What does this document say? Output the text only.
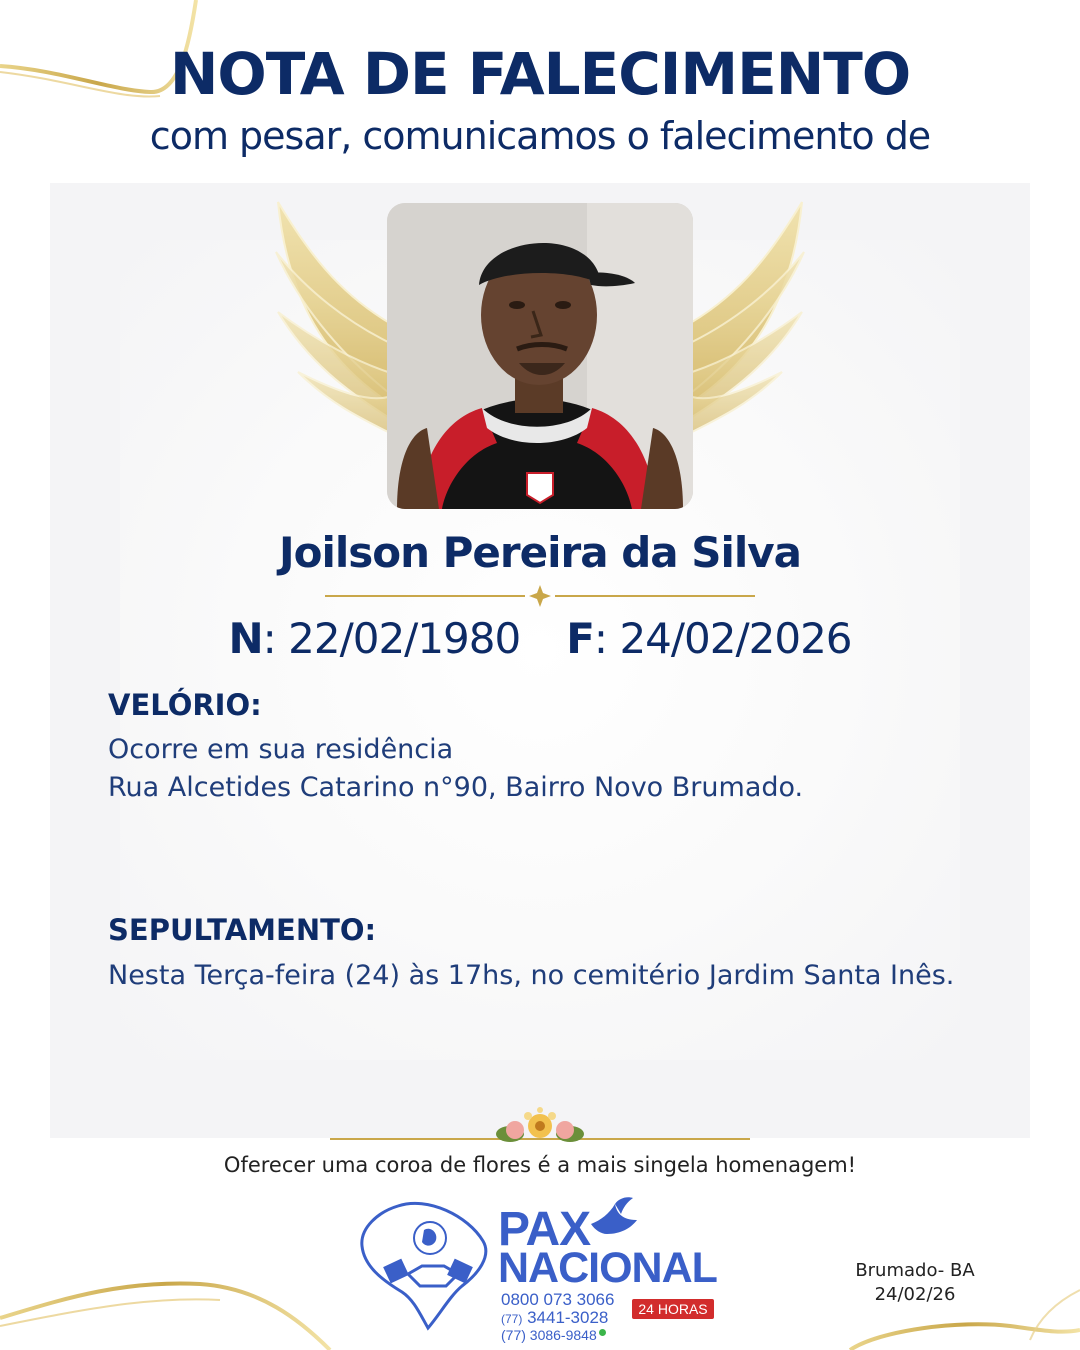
NOTA DE FALECIMENTO
com pesar, comunicamos o falecimento de
Joilson Pereira da Silva
N: 22/02/1980 F: 24/02/2026
VELÓRIO:
Ocorre em sua residência
Rua Alcetides Catarino n°90, Bairro Novo Brumado.
SEPULTAMENTO:
Nesta Terça-feira (24) às 17hs, no cemitério Jardim Santa Inês.
Oferecer uma coroa de flores é a mais singela homenagem!
PAX
NACIONAL
0800 073 3066
(77) 3441-3028
(77) 3086-9848
24 HORAS
Brumado- BA
24/02/26
